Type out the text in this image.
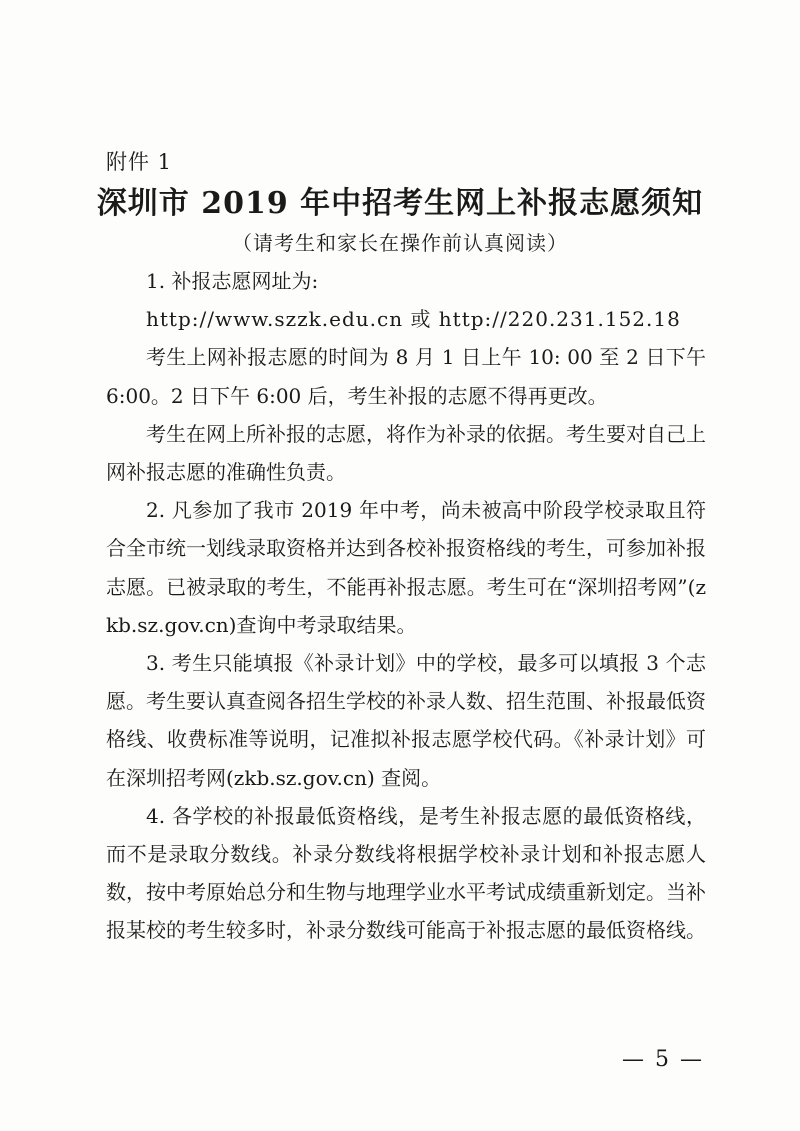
附件 1
深圳市 2019 年中招考生网上补报志愿须知
（请考生和家长在操作前认真阅读）

1. 补报志愿网址为:

http://www.szzk.edu.cn 或 http://220.231.152.18

考生上网补报志愿的时间为 8 月 1 日上午 10: 00 至 2 日下午 6:00。2 日下午 6:00 后，考生补报的志愿不得再更改。

考生在网上所补报的志愿，将作为补录的依据。考生要对自己上网补报志愿的准确性负责。

2. 凡参加了我市 2019 年中考，尚未被高中阶段学校录取且符合全市统一划线录取资格并达到各校补报资格线的考生，可参加补报志愿。已被录取的考生，不能再补报志愿。考生可在“深圳招考网”(zkb.sz.gov.cn)查询中考录取结果。

3. 考生只能填报《补录计划》中的学校，最多可以填报 3 个志愿。考生要认真查阅各招生学校的补录人数、招生范围、补报最低资格线、收费标准等说明，记准拟补报志愿学校代码。《补录计划》可在深圳招考网(zkb.sz.gov.cn) 查阅。

4. 各学校的补报最低资格线，是考生补报志愿的最低资格线，而不是录取分数线。补录分数线将根据学校补录计划和补报志愿人数，按中考原始总分和生物与地理学业水平考试成绩重新划定。当补报某校的考生较多时，补录分数线可能高于补报志愿的最低资格线。

— 5 —
